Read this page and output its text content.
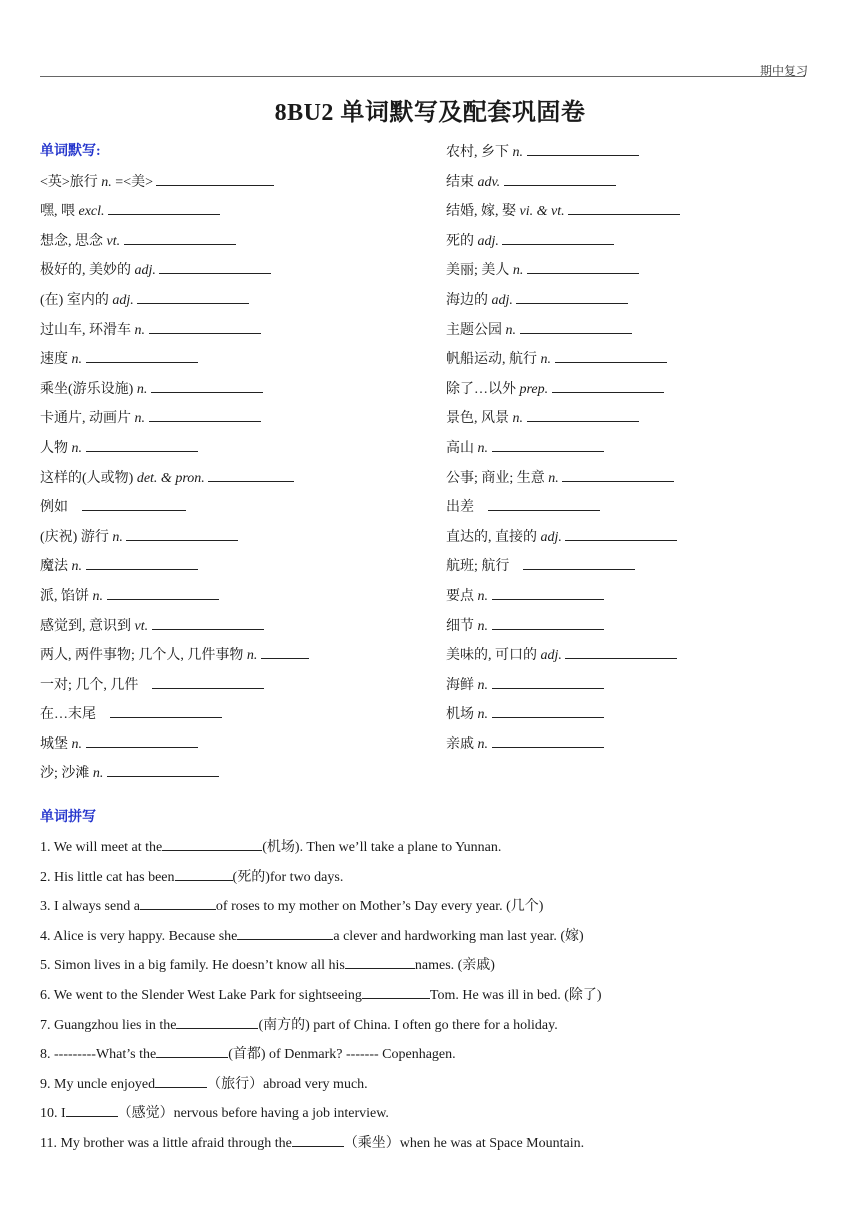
期中复习
8BU2 单词默写及配套巩固卷
单词默写:
<英>旅行 n. =<美>
嘿, 喂 excl.
想念, 思念 vt.
极好的, 美妙的 adj.
(在) 室内的 adj.
过山车, 环滑车 n.
速度 n.
乘坐(游乐设施) n.
卡通片, 动画片 n.
人物 n.
这样的(人或物) det. & pron.
例如
(庆祝) 游行 n.
魔法 n.
派, 馅饼 n.
感觉到, 意识到 vt.
两人, 两件事物; 几个人, 几件事物 n.
一对; 几个, 几件
在…末尾
城堡 n.
沙; 沙滩 n.
农村, 乡下 n.
结束 adv.
结婚, 嫁, 娶 vi. & vt.
死的 adj.
美丽; 美人 n.
海边的 adj.
主题公园 n.
帆船运动, 航行 n.
除了…以外 prep.
景色, 风景 n.
高山 n.
公事; 商业; 生意 n.
出差
直达的, 直接的 adj.
航班; 航行
要点 n.
细节 n.
美味的, 可口的 adj.
海鲜 n.
机场 n.
亲戚 n.
单词拼写
1. We will meet at the	(机场). Then we’ll take a plane to Yunnan.
2. His little cat has been	(死的)for two days.
3. I always send a	of roses to my mother on Mother’s Day every year. (几个)
4. Alice is very happy. Because she	a clever and hardworking man last year. (嫁)
5. Simon lives in a big family. He doesn’t know all his	names. (亲戚)
6. We went to the Slender West Lake Park for sightseeing	Tom. He was ill in bed. (除了)
7. Guangzhou lies in the	(南方的) part of China. I often go there for a holiday.
8. ---------What’s the	(首都) of Denmark? ------- Copenhagen.
9. My uncle enjoyed	（旅行）abroad very much.
10. I	（感觉）nervous before having a job interview.
11. My brother was a little afraid through the	（乘坐）when he was at Space Mountain.
